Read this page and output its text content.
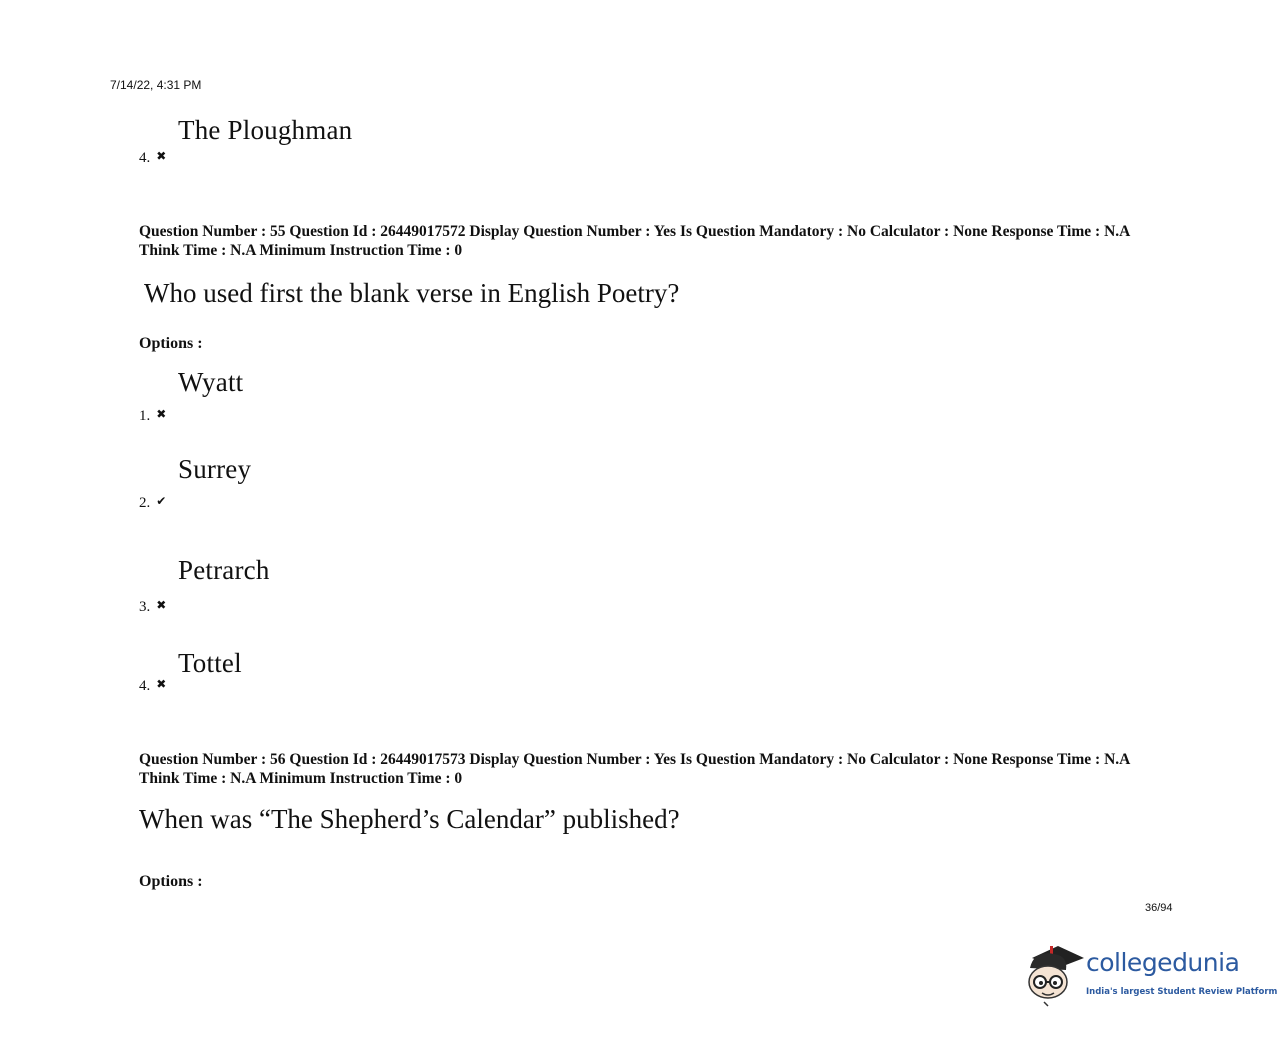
7/14/22, 4:31 PM
The Ploughman
4. ✖
Question Number : 55 Question Id : 26449017572 Display Question Number : Yes Is Question Mandatory : No Calculator : None Response Time : N.A Think Time : N.A Minimum Instruction Time : 0
Who used first the blank verse in English Poetry?
Options :
Wyatt
1. ✖
Surrey
2. ✔
Petrarch
3. ✖
Tottel
4. ✖
Question Number : 56 Question Id : 26449017573 Display Question Number : Yes Is Question Mandatory : No Calculator : None Response Time : N.A Think Time : N.A Minimum Instruction Time : 0
When was “The Shepherd’s Calendar” published?
Options :
36/94
collegedunia
India's largest Student Review Platform
